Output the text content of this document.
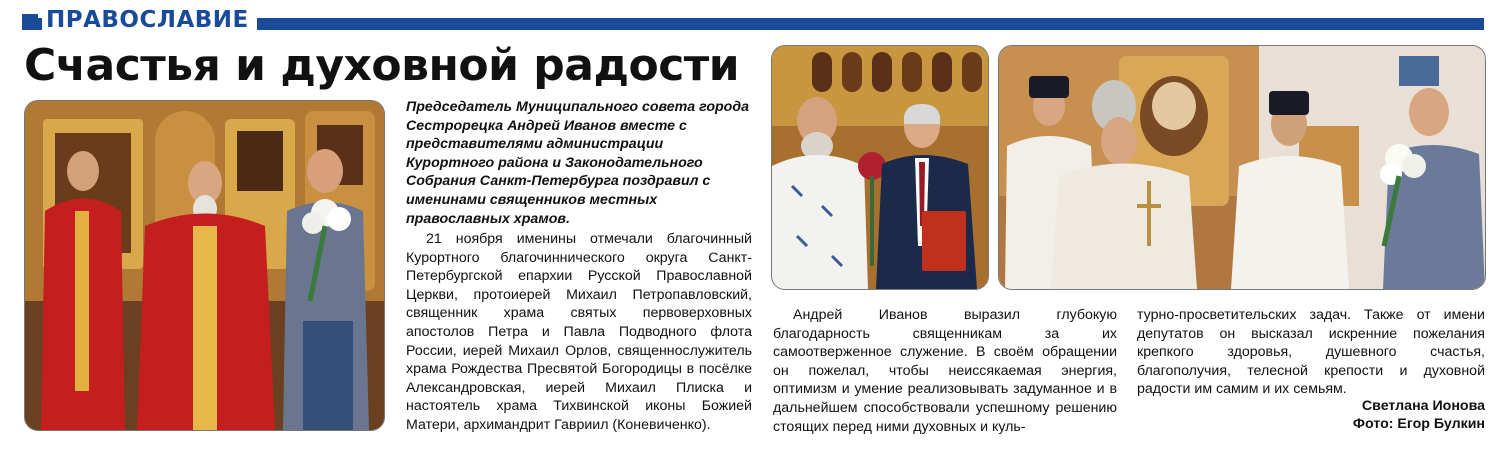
ПРАВОСЛАВИЕ
Счастья и духовной радости

Председатель Муниципального совета города Сестрорецка Андрей Иванов вместе с представителями администрации Курортного района и Законодательного Собрания Санкт-Петербурга поздравил с именинами священников местных православных храмов.

21 ноября именины отмечали благочинный Курортного благочиннического округа Санкт-Петербургской епархии Русской Православной Церкви, протоиерей Михаил Петропавловский, священник храма святых первоверховных апостолов Петра и Павла Подводного флота России, иерей Михаил Орлов, священнослужитель храма Рождества Пресвятой Богородицы в посёлке Александровская, иерей Михаил Плиска и настоятель храма Тихвинской иконы Божией Матери, архимандрит Гавриил (Коневиченко).

Андрей Иванов выразил глубокую благодарность священникам за их самоотверженное служение. В своём обращении он пожелал, чтобы неиссякаемая энергия, оптимизм и умение реализовывать задуманное и в дальнейшем способствовали успешному решению стоящих перед ними духовных и куль-

турно-просветительских задач. Также от имени депутатов он высказал искренние пожелания крепкого здоровья, душевного счастья, благополучия, телесной крепости и духовной радости им самим и их семьям.

Светлана Ионова

Фото: Егор Булкин
